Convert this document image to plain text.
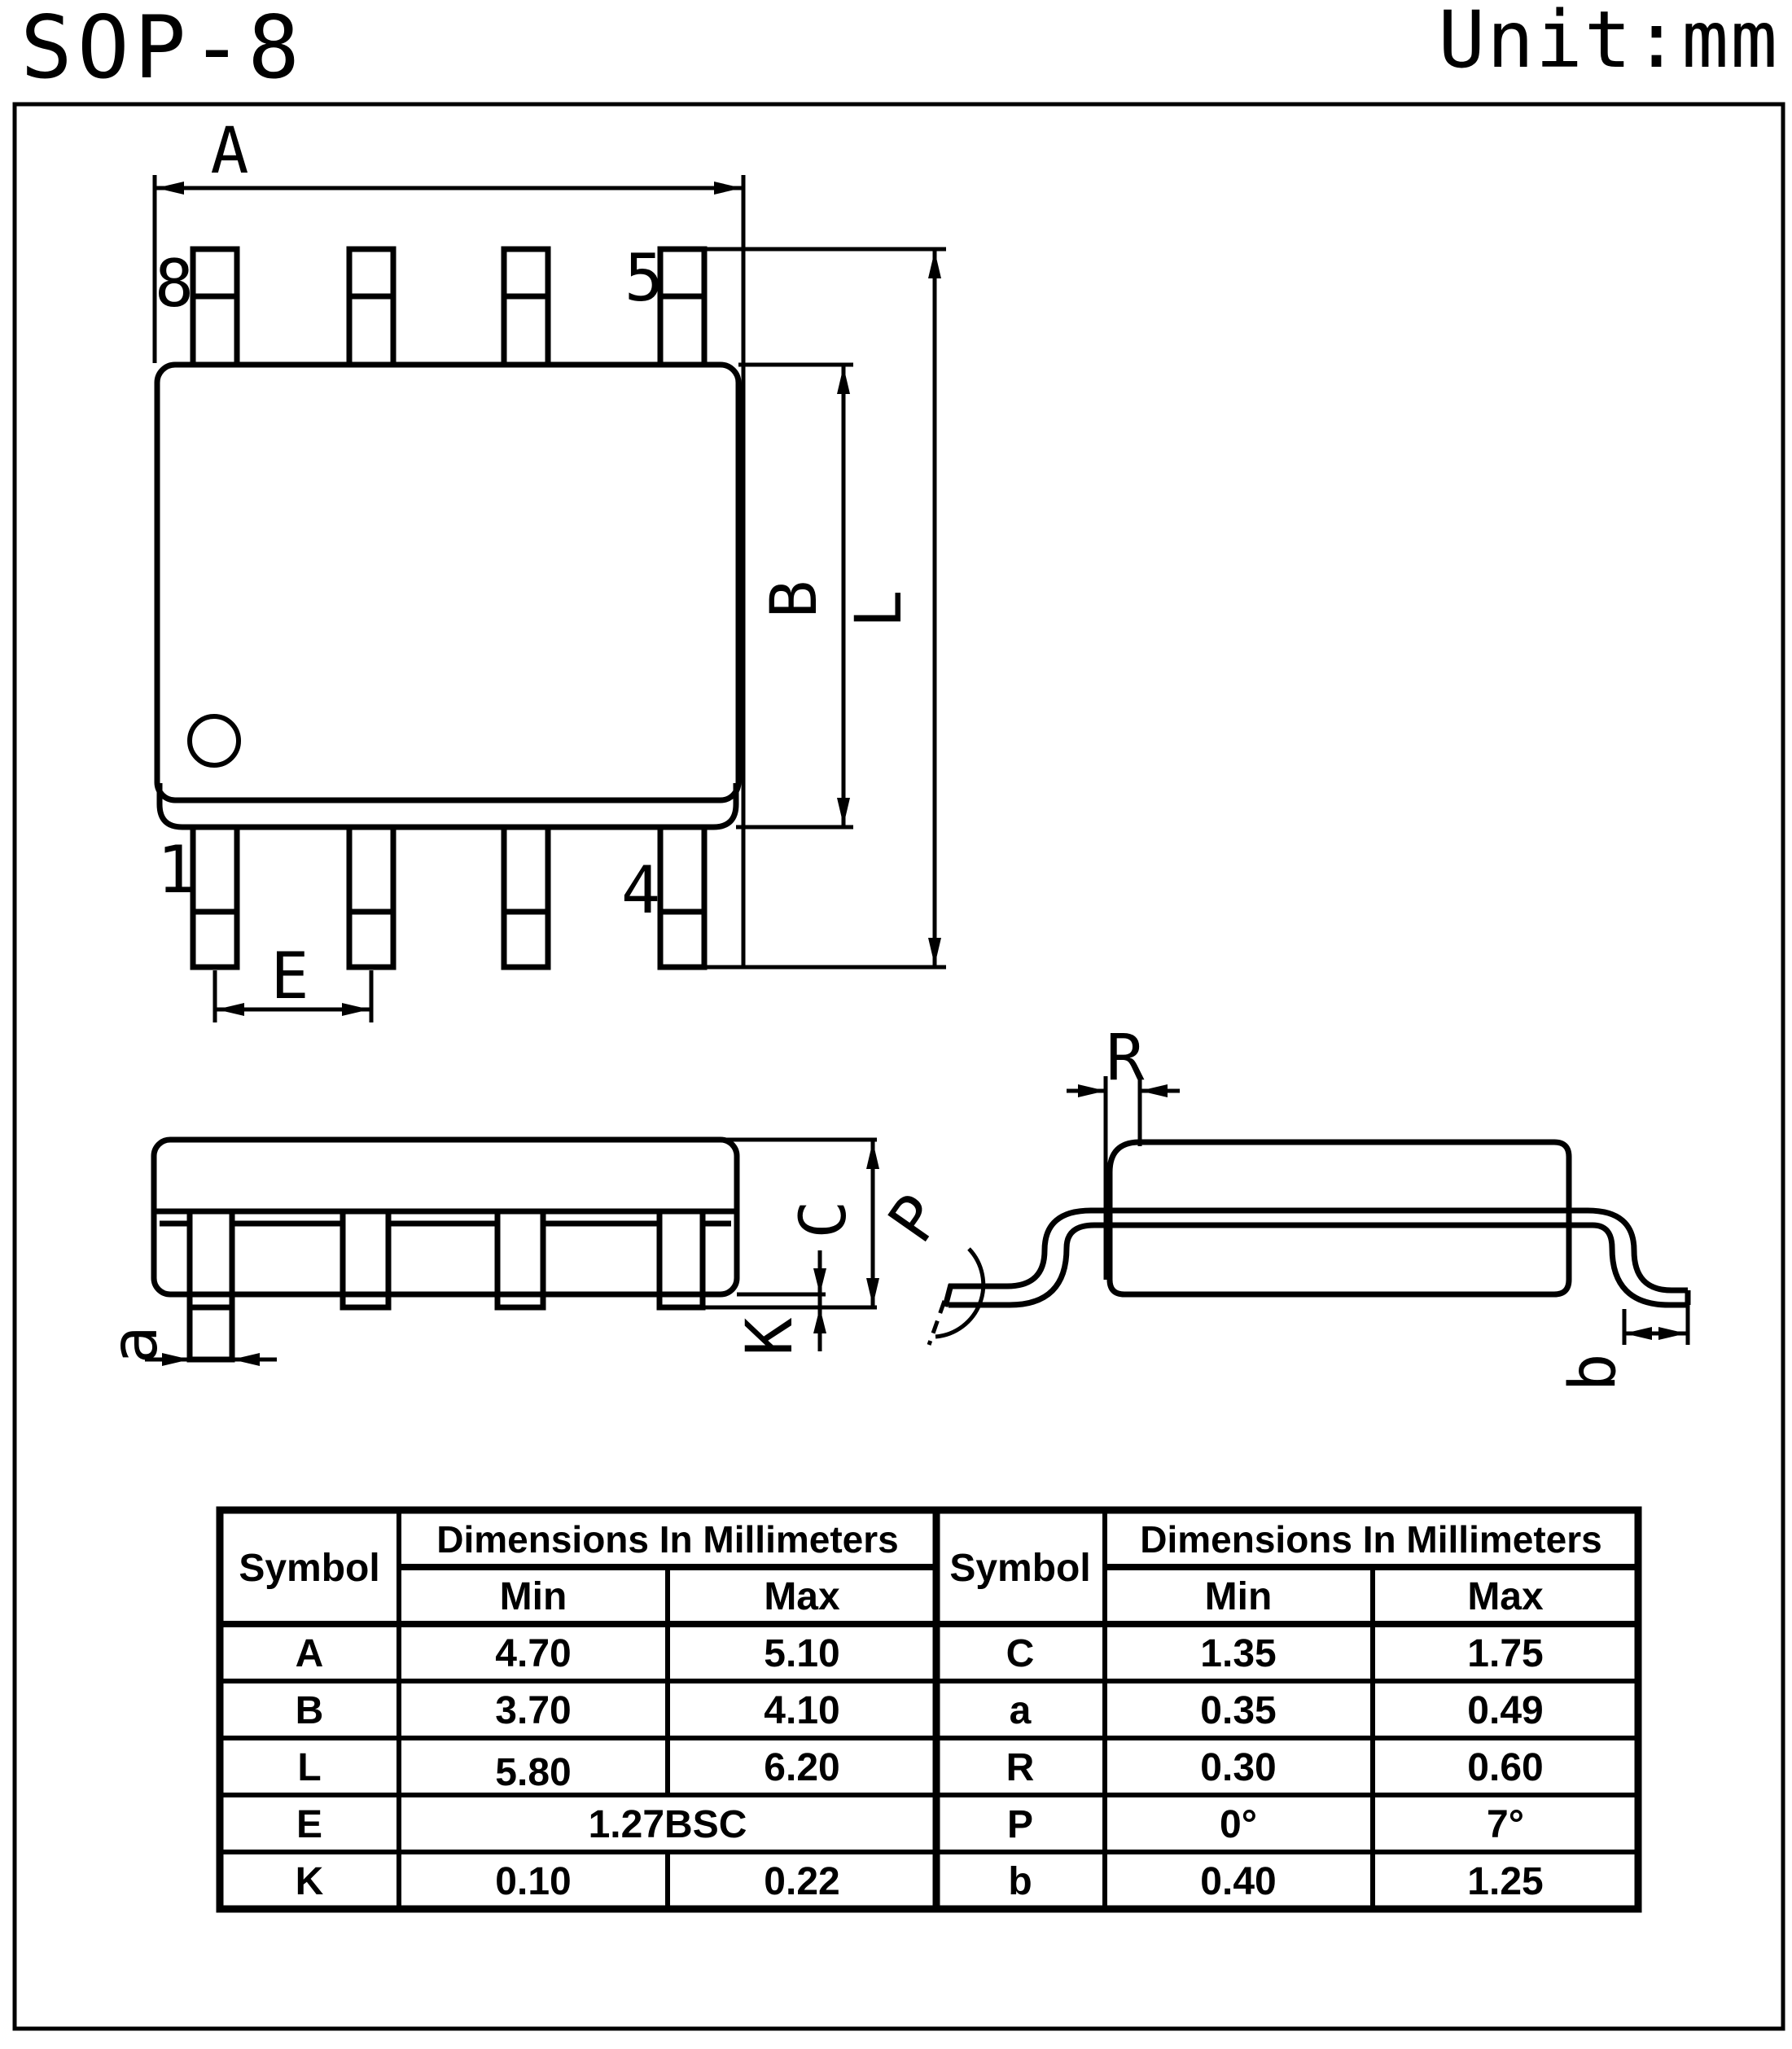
SOP-8	Unit:mm
8	5
1	4
A
B L
E
C
K
a
R
P
b
Symbol
Dimensions In Millimeters
Min	Max
A	4.70	5.10
B	3.70	4.10
L	5.80	6.20
E	1.27BSC
K	0.10	0.22
Symbol
Dimensions In Millimeters
Min	Max
C	1.35	1.75
a	0.35	0.49
R	0.30	0.60
P	0°	7°
b	0.40	1.25
